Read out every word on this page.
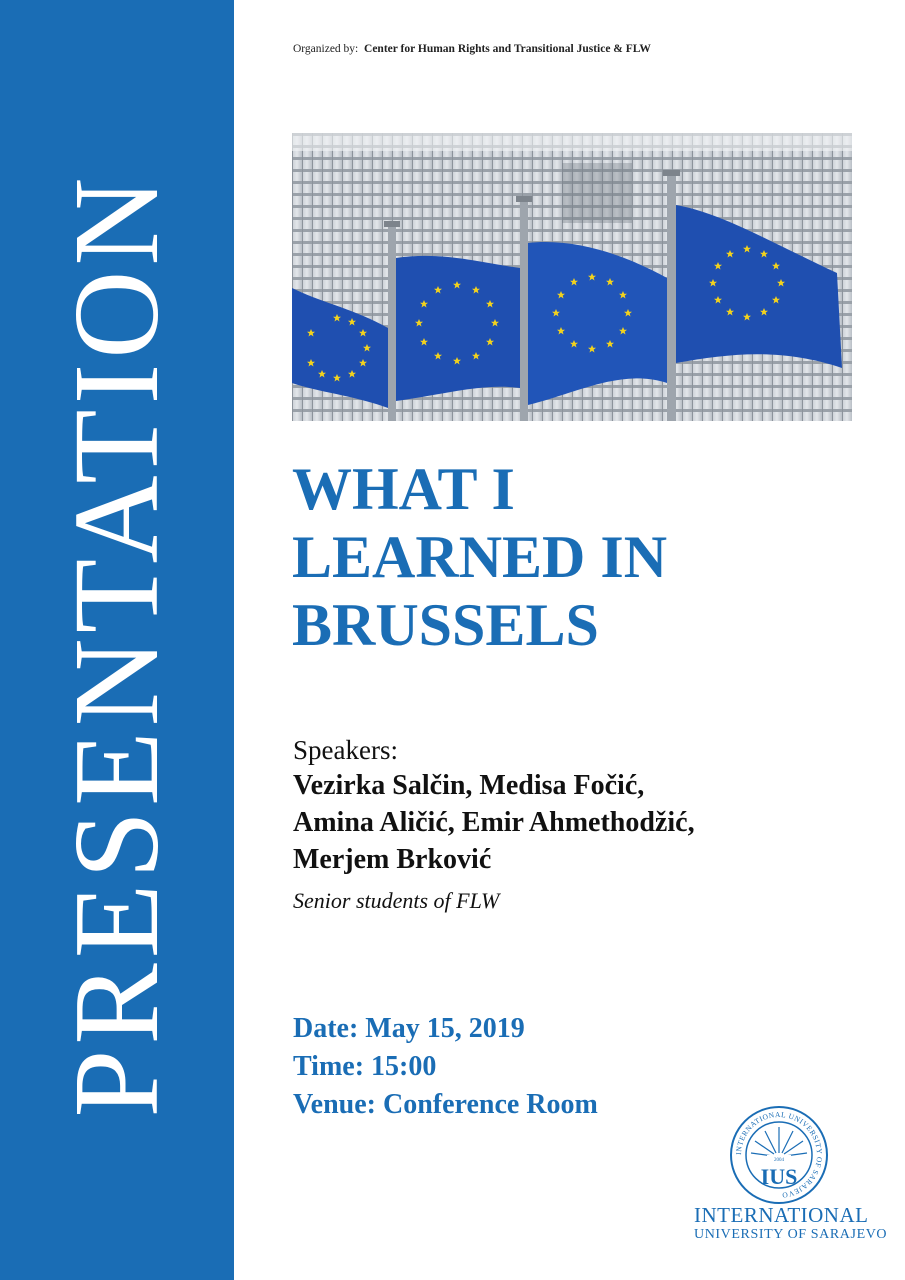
PRESENTATION
Organized by: Center for Human Rights and Transitional Justice & FLW
WHAT I
LEARNED IN
BRUSSELS
Speakers:
Vezirka Salčin, Medisa Fočić,
Amina Aličić, Emir Ahmethodžić,
Merjem Brković
Senior students of FLW
Date: May 15, 2019
Time: 15:00
Venue: Conference Room
INTERNATIONAL UNIVERSITY OF SARAJEVO
2004
IUS
INTERNATIONAL
UNIVERSITY OF SARAJEVO
